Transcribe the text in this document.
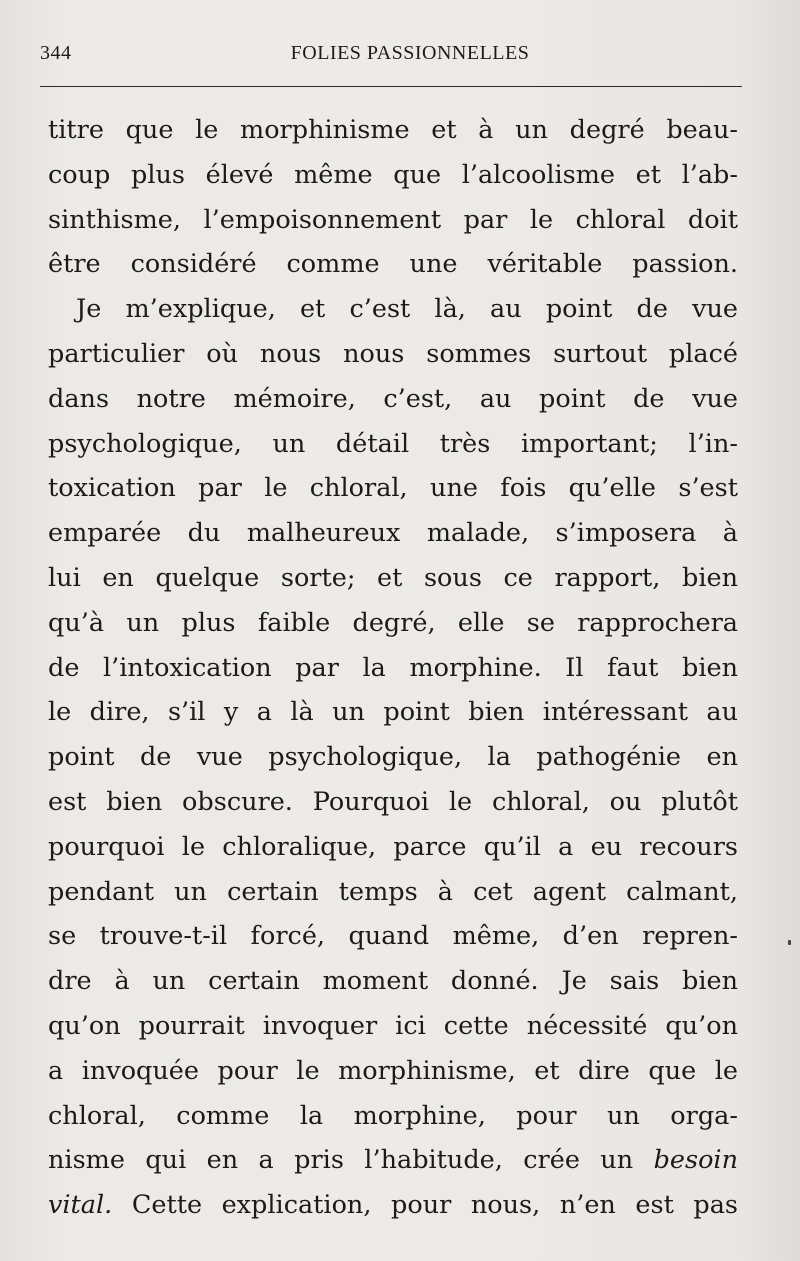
344	FOLIES PASSIONNELLES
titre que le morphinisme et à un degré beau-
coup plus élevé même que l’alcoolisme et l’ab-
sinthisme, l’empoisonnement par le chloral doit
être considéré comme une véritable passion.
Je m’explique, et c’est là, au point de vue
particulier où nous nous sommes surtout placé
dans notre mémoire, c’est, au point de vue
psychologique, un détail très important; l’in-
toxication par le chloral, une fois qu’elle s’est
emparée du malheureux malade, s’imposera à
lui en quelque sorte; et sous ce rapport, bien
qu’à un plus faible degré, elle se rapprochera
de l’intoxication par la morphine. Il faut bien
le dire, s’il y a là un point bien intéressant au
point de vue psychologique, la pathogénie en
est bien obscure. Pourquoi le chloral, ou plutôt
pourquoi le chloralique, parce qu’il a eu recours
pendant un certain temps à cet agent calmant,
se trouve-t-il forcé, quand même, d’en repren-
dre à un certain moment donné. Je sais bien
qu’on pourrait invoquer ici cette nécessité qu’on
a invoquée pour le morphinisme, et dire que le
chloral, comme la morphine, pour un orga-
nisme qui en a pris l’habitude, crée un besoin
vital. Cette explication, pour nous, n’en est pas
